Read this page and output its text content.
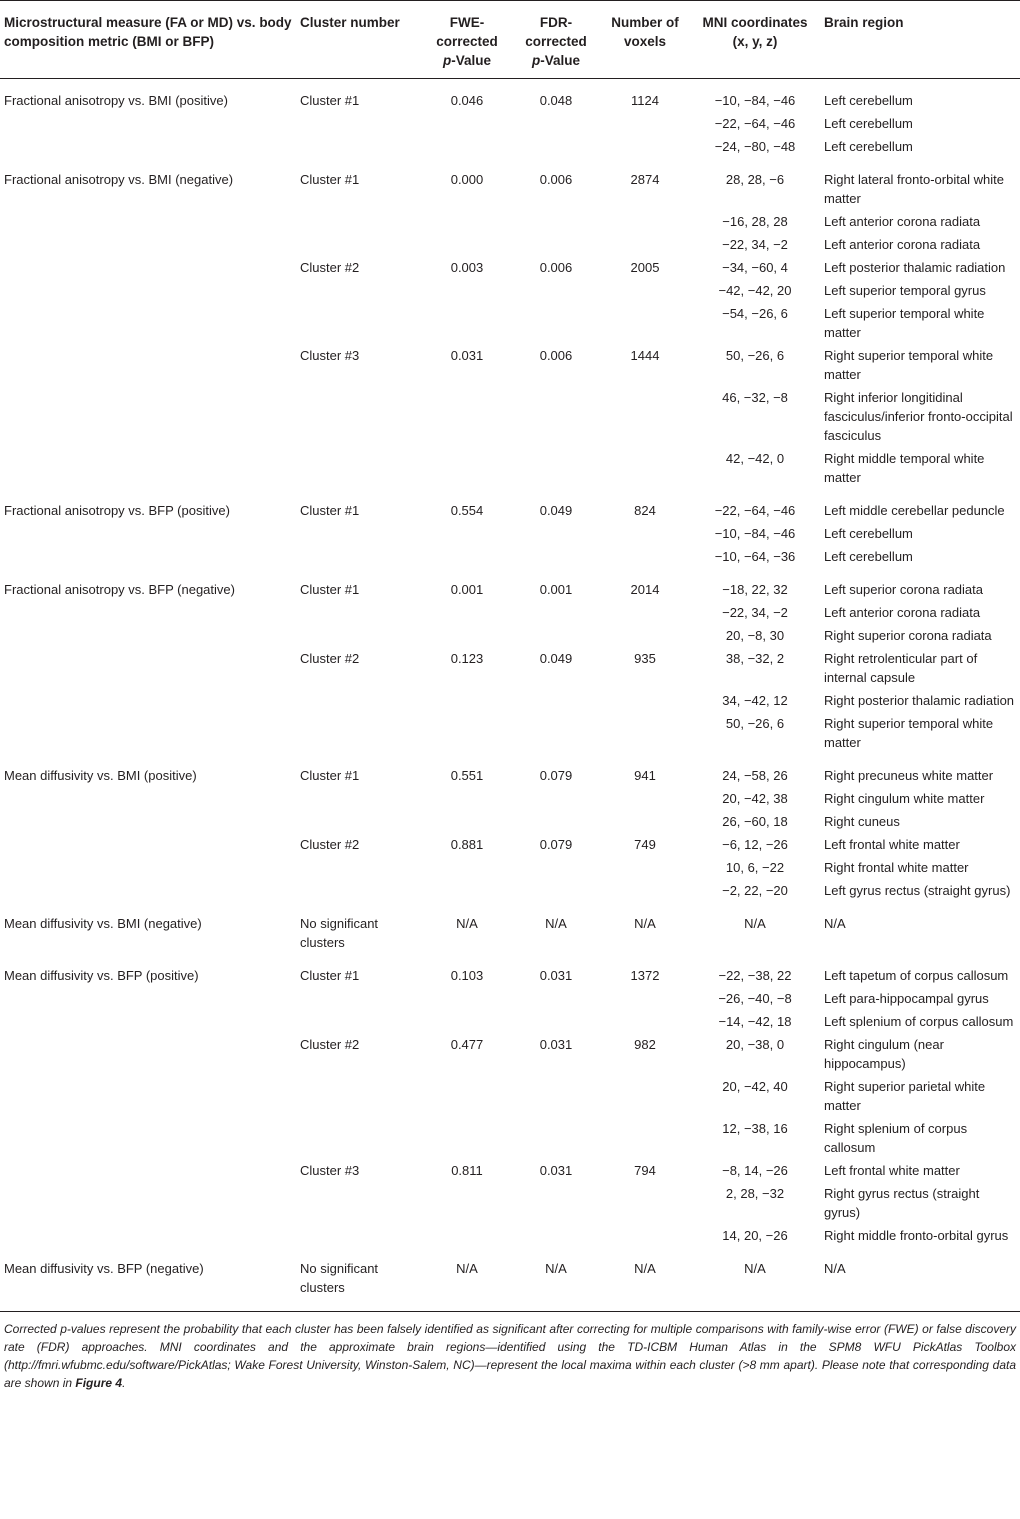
Microstructural measure (FA or MD) vs. body composition metric (BMI or BFP)	Cluster number	FWE-
corrected
p-Value	FDR-
corrected
p-Value	Number of voxels	MNI coordinates (x, y, z)	Brain region
Fractional anisotropy vs. BMI (positive)	Cluster #1	0.046	0.048	1124	−10, −84, −46	Left cerebellum
					−22, −64, −46	Left cerebellum
					−24, −80, −48	Left cerebellum
Fractional anisotropy vs. BMI (negative)	Cluster #1	0.000	0.006	2874	28, 28, −6	Right lateral fronto-orbital white matter
					−16, 28, 28	Left anterior corona radiata
					−22, 34, −2	Left anterior corona radiata
	Cluster #2	0.003	0.006	2005	−34, −60, 4	Left posterior thalamic radiation
					−42, −42, 20	Left superior temporal gyrus
					−54, −26, 6	Left superior temporal white matter
	Cluster #3	0.031	0.006	1444	50, −26, 6	Right superior temporal white matter
					46, −32, −8	Right inferior longitidinal fasciculus/inferior fronto-occipital fasciculus
					42, −42, 0	Right middle temporal white matter
Fractional anisotropy vs. BFP (positive)	Cluster #1	0.554	0.049	824	−22, −64, −46	Left middle cerebellar peduncle
					−10, −84, −46	Left cerebellum
					−10, −64, −36	Left cerebellum
Fractional anisotropy vs. BFP (negative)	Cluster #1	0.001	0.001	2014	−18, 22, 32	Left superior corona radiata
					−22, 34, −2	Left anterior corona radiata
					20, −8, 30	Right superior corona radiata
	Cluster #2	0.123	0.049	935	38, −32, 2	Right retrolenticular part of internal capsule
					34, −42, 12	Right posterior thalamic radiation
					50, −26, 6	Right superior temporal white matter
Mean diffusivity vs. BMI (positive)	Cluster #1	0.551	0.079	941	24, −58, 26	Right precuneus white matter
					20, −42, 38	Right cingulum white matter
					26, −60, 18	Right cuneus
	Cluster #2	0.881	0.079	749	−6, 12, −26	Left frontal white matter
					10, 6, −22	Right frontal white matter
					−2, 22, −20	Left gyrus rectus (straight gyrus)
Mean diffusivity vs. BMI (negative)	No significant clusters	N/A	N/A	N/A	N/A	N/A
Mean diffusivity vs. BFP (positive)	Cluster #1	0.103	0.031	1372	−22, −38, 22	Left tapetum of corpus callosum
					−26, −40, −8	Left para-hippocampal gyrus
					−14, −42, 18	Left splenium of corpus callosum
	Cluster #2	0.477	0.031	982	20, −38, 0	Right cingulum (near hippocampus)
					20, −42, 40	Right superior parietal white matter
					12, −38, 16	Right splenium of corpus callosum
	Cluster #3	0.811	0.031	794	−8, 14, −26	Left frontal white matter
					2, 28, −32	Right gyrus rectus (straight gyrus)
					14, 20, −26	Right middle fronto-orbital gyrus
Mean diffusivity vs. BFP (negative)	No significant clusters	N/A	N/A	N/A	N/A	N/A
Corrected p-values represent the probability that each cluster has been falsely identified as significant after correcting for multiple comparisons with family-wise error (FWE) or false discovery rate (FDR) approaches. MNI coordinates and the approximate brain regions—identified using the TD-ICBM Human Atlas in the SPM8 WFU PickAtlas Toolbox (http://fmri.wfubmc.edu/software/PickAtlas; Wake Forest University, Winston-Salem, NC)—represent the local maxima within each cluster (>8 mm apart). Please note that corresponding data are shown in Figure 4.
